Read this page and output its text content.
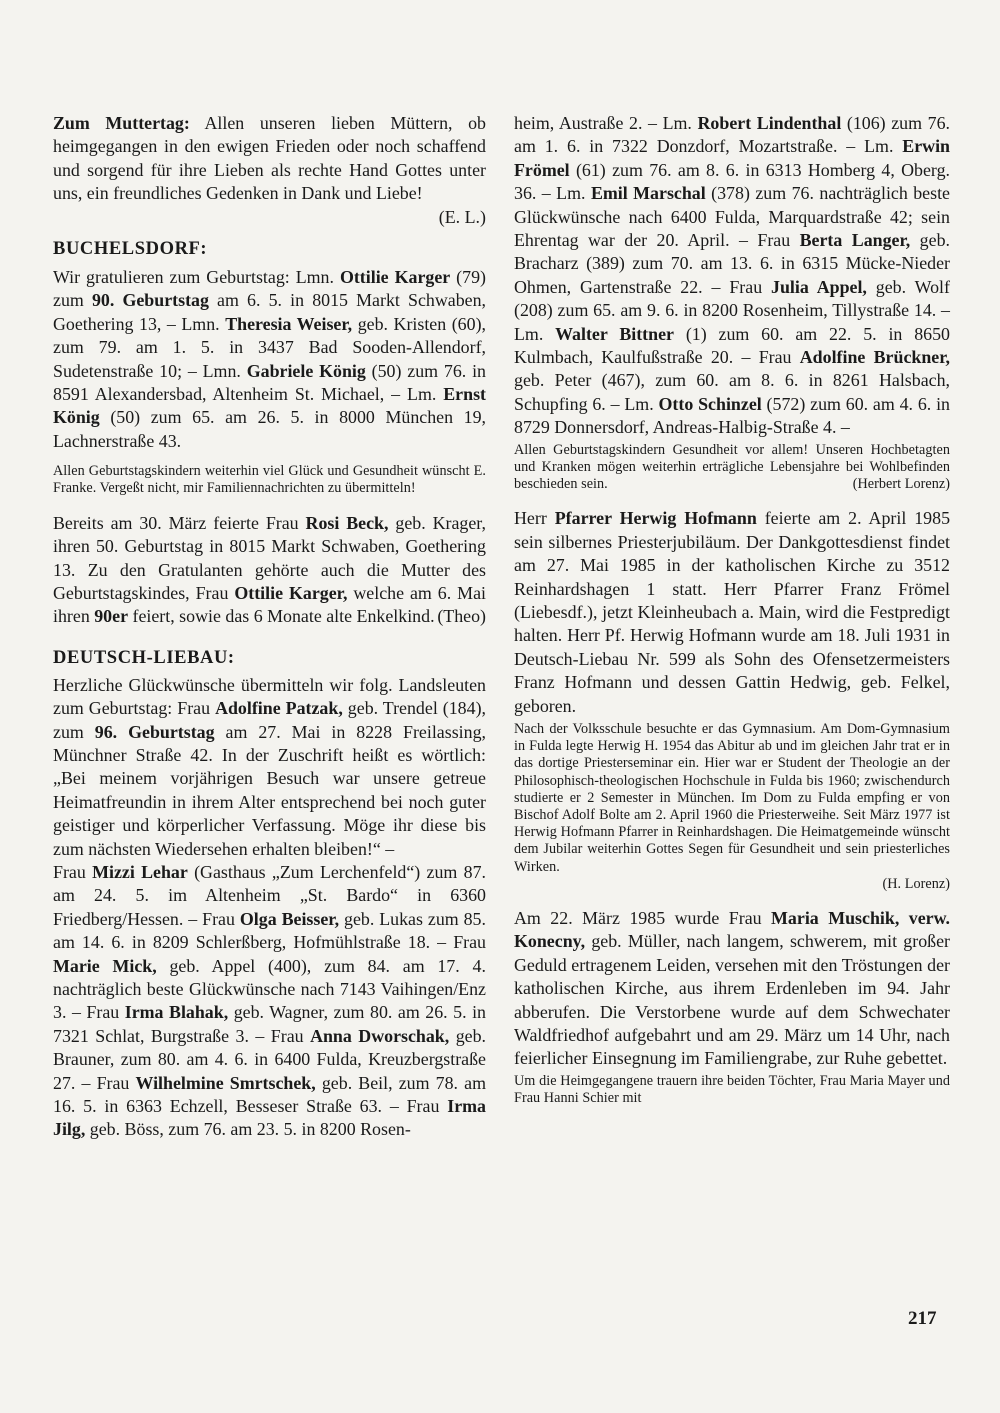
Zum Muttertag: Allen unseren lieben Müttern, ob heimgegangen in den ewigen Frieden oder noch schaffend und sorgend für ihre Lieben als rechte Hand Gottes unter uns, ein freundliches Gedenken in Dank und Liebe!

(E. L.)

BUCHELSDORF:

Wir gratulieren zum Geburtstag: Lmn. Ottilie Karger (79) zum 90. Geburtstag am 6. 5. in 8015 Markt Schwaben, Goethering 13, – Lmn. Theresia Weiser, geb. Kristen (60), zum 79. am 1. 5. in 3437 Bad Sooden-Allendorf, Sudetenstraße 10; – Lmn. Gabriele König (50) zum 76. in 8591 Alexandersbad, Altenheim St. Michael, – Lm. Ernst König (50) zum 65. am 26. 5. in 8000 München 19, Lachnerstraße 43.

Allen Geburtstagskindern weiterhin viel Glück und Gesundheit wünscht E. Franke. Vergeßt nicht, mir Familiennachrichten zu übermitteln!

Bereits am 30. März feierte Frau Rosi Beck, geb. Krager, ihren 50. Geburtstag in 8015 Markt Schwaben, Goethering 13. Zu den Gratulanten gehörte auch die Mutter des Geburtstagskindes, Frau Ottilie Karger, welche am 6. Mai ihren 90er feiert, sowie das 6 Monate alte Enkelkind. (Theo)

DEUTSCH-LIEBAU:

Herzliche Glückwünsche übermitteln wir folg. Landsleuten zum Geburtstag: Frau Adolfine Patzak, geb. Trendel (184), zum 96. Geburtstag am 27. Mai in 8228 Freilassing, Münchner Straße 42. In der Zuschrift heißt es wörtlich: „Bei meinem vorjährigen Besuch war unsere getreue Heimatfreundin in ihrem Alter entsprechend bei noch guter geistiger und körperlicher Verfassung. Möge ihr diese bis zum nächsten Wiedersehen erhalten bleiben!“ –

Frau Mizzi Lehar (Gasthaus „Zum Lerchenfeld“) zum 87. am 24. 5. im Altenheim „St. Bardo“ in 6360 Friedberg/Hessen. – Frau Olga Beisser, geb. Lukas zum 85. am 14. 6. in 8209 Schlerßberg, Hofmühlstraße 18. – Frau Marie Mick, geb. Appel (400), zum 84. am 17. 4. nachträglich beste Glückwünsche nach 7143 Vaihingen/Enz 3. – Frau Irma Blahak, geb. Wagner, zum 80. am 26. 5. in 7321 Schlat, Burgstraße 3. – Frau Anna Dworschak, geb. Brauner, zum 80. am 4. 6. in 6400 Fulda, Kreuzbergstraße 27. – Frau Wilhelmine Smrtschek, geb. Beil, zum 78. am 16. 5. in 6363 Echzell, Besseser Straße 63. – Frau Irma Jilg, geb. Böss, zum 76. am 23. 5. in 8200 Rosen-

heim, Austraße 2. – Lm. Robert Lindenthal (106) zum 76. am 1. 6. in 7322 Donzdorf, Mozartstraße. – Lm. Erwin Frömel (61) zum 76. am 8. 6. in 6313 Homberg 4, Oberg. 36. – Lm. Emil Marschal (378) zum 76. nachträglich beste Glückwünsche nach 6400 Fulda, Marquardstraße 42; sein Ehrentag war der 20. April. – Frau Berta Langer, geb. Bracharz (389) zum 70. am 13. 6. in 6315 Mücke-Nieder Ohmen, Gartenstraße 22. – Frau Julia Appel, geb. Wolf (208) zum 65. am 9. 6. in 8200 Rosenheim, Tillystraße 14. – Lm. Walter Bittner (1) zum 60. am 22. 5. in 8650 Kulmbach, Kaulfußstraße 20. – Frau Adolfine Brückner, geb. Peter (467), zum 60. am 8. 6. in 8261 Halsbach, Schupfing 6. – Lm. Otto Schinzel (572) zum 60. am 4. 6. in 8729 Donnersdorf, Andreas-Halbig-Straße 4. –

Allen Geburtstagskindern Gesundheit vor allem! Unseren Hochbetagten und Kranken mögen weiterhin erträgliche Lebensjahre bei Wohlbefinden beschieden sein.	(Herbert Lorenz)

Herr Pfarrer Herwig Hofmann feierte am 2. April 1985 sein silbernes Priesterjubiläum. Der Dankgottesdienst findet am 27. Mai 1985 in der katholischen Kirche zu 3512 Reinhardshagen 1 statt. Herr Pfarrer Franz Frömel (Liebesdf.), jetzt Kleinheubach a. Main, wird die Festpredigt halten. Herr Pf. Herwig Hofmann wurde am 18. Juli 1931 in Deutsch-Liebau Nr. 599 als Sohn des Ofensetzermeisters Franz Hofmann und dessen Gattin Hedwig, geb. Felkel, geboren.

Nach der Volksschule besuchte er das Gymnasium. Am Dom-Gymnasium in Fulda legte Herwig H. 1954 das Abitur ab und im gleichen Jahr trat er in das dortige Priesterseminar ein. Hier war er Student der Theologie an der Philosophisch-theologischen Hochschule in Fulda bis 1960; zwischendurch studierte er 2 Semester in München. Im Dom zu Fulda empfing er von Bischof Adolf Bolte am 2. April 1960 die Priesterweihe. Seit März 1977 ist Herwig Hofmann Pfarrer in Reinhardshagen. Die Heimatgemeinde wünscht dem Jubilar weiterhin Gottes Segen für Gesundheit und sein priesterliches Wirken.

(H. Lorenz)

Am 22. März 1985 wurde Frau Maria Muschik, verw. Konecny, geb. Müller, nach langem, schwerem, mit großer Geduld ertragenem Leiden, versehen mit den Tröstungen der katholischen Kirche, aus ihrem Erdenleben im 94. Jahr abberufen. Die Verstorbene wurde auf dem Schwechater Waldfriedhof aufgebahrt und am 29. März um 14 Uhr, nach feierlicher Einsegnung im Familiengrabe, zur Ruhe gebettet.

Um die Heimgegangene trauern ihre beiden Töchter, Frau Maria Mayer und Frau Hanni Schier mit

217
